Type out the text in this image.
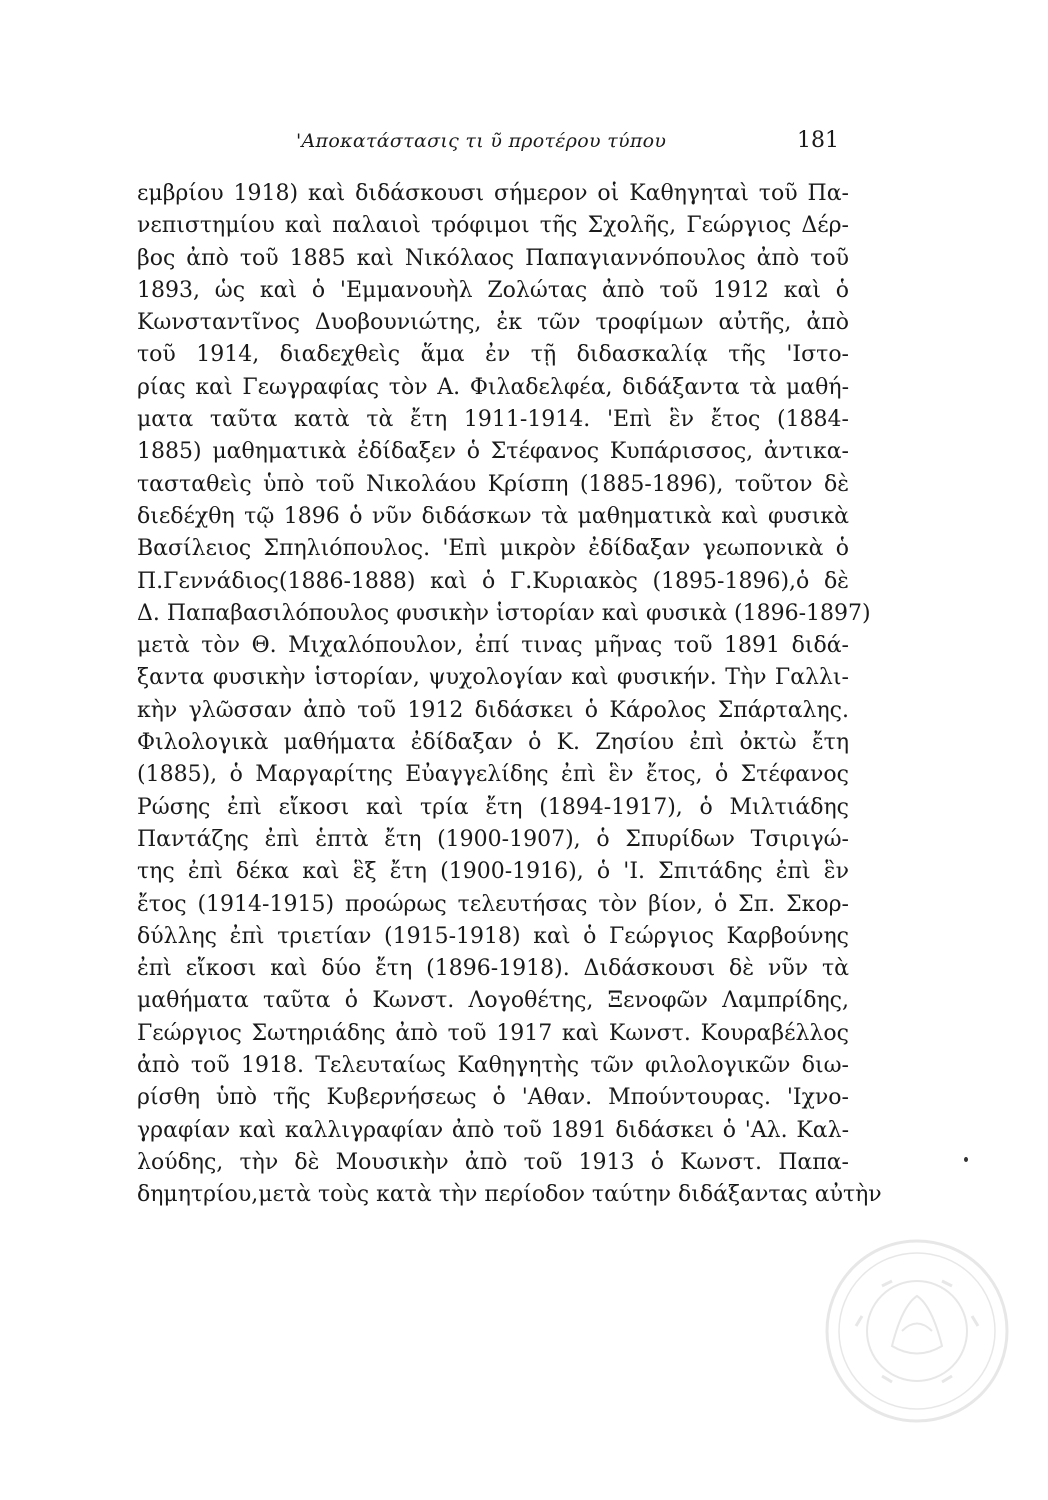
'Αποκατάστασις τι ῦ προτέρου τύπου	181
εμβρίου 1918) καὶ διδάσκουσι σήμερον οἱ Καθηγηταὶ τοῦ Πα-
νεπιστημίου καὶ παλαιοὶ τρόφιμοι τῆς Σχολῆς, Γεώργιος Δέρ-
βος ἀπὸ τοῦ 1885 καὶ Νικόλαος Παπαγιαννόπουλος ἀπὸ τοῦ
1893, ὡς καὶ ὁ 'Εμμανουὴλ Ζολώτας ἀπὸ τοῦ 1912 καὶ ὁ
Κωνσταντῖνος Δυοβουνιώτης, ἐκ τῶν τροφίμων αὐτῆς, ἀπὸ
τοῦ 1914, διαδεχθεὶς ἅμα ἐν τῇ διδασκαλίᾳ τῆς 'Ιστο-
ρίας καὶ Γεωγραφίας τὸν Α. Φιλαδελφέα, διδάξαντα τὰ μαθή-
ματα ταῦτα κατὰ τὰ ἔτη 1911-1914. 'Επὶ ἓν ἔτος (1884-
1885) μαθηματικὰ ἐδίδαξεν ὁ Στέφανος Κυπάρισσος, ἀντικα-
τασταθεὶς ὑπὸ τοῦ Νικολάου Κρίσπη (1885-1896), τοῦτον δὲ
διεδέχθη τῷ 1896 ὁ νῦν διδάσκων τὰ μαθηματικὰ καὶ φυσικὰ
Βασίλειος Σπηλιόπουλος. 'Επὶ μικρὸν ἐδίδαξαν γεωπονικὰ ὁ
Π.Γεννάδιος(1886-1888) καὶ ὁ Γ.Κυριακὸς (1895-1896),ὁ δὲ
Δ. Παπαβασιλόπουλος φυσικὴν ἱστορίαν καὶ φυσικὰ (1896-1897)
μετὰ τὸν Θ. Μιχαλόπουλον, ἐπί τινας μῆνας τοῦ 1891 διδά-
ξαντα φυσικὴν ἱστορίαν, ψυχολογίαν καὶ φυσικήν. Τὴν Γαλλι-
κὴν γλῶσσαν ἀπὸ τοῦ 1912 διδάσκει ὁ Κάρολος Σπάρταλης.
Φιλολογικὰ μαθήματα ἐδίδαξαν ὁ Κ. Ζησίου ἐπὶ ὀκτὼ ἔτη
(1885), ὁ Μαργαρίτης Εὐαγγελίδης ἐπὶ ἓν ἔτος, ὁ Στέφανος
Ρώσης ἐπὶ εἴκοσι καὶ τρία ἔτη (1894-1917), ὁ Μιλτιάδης
Παντάζης ἐπὶ ἑπτὰ ἔτη (1900-1907), ὁ Σπυρίδων Τσιριγώ-
της ἐπὶ δέκα καὶ ἓξ ἔτη (1900-1916), ὁ 'Ι. Σπιτάδης ἐπὶ ἓν
ἔτος (1914-1915) προώρως τελευτήσας τὸν βίον, ὁ Σπ. Σκορ-
δύλλης ἐπὶ τριετίαν (1915-1918) καὶ ὁ Γεώργιος Καρβούνης
ἐπὶ εἴκοσι καὶ δύο ἔτη (1896-1918). Διδάσκουσι δὲ νῦν τὰ
μαθήματα ταῦτα ὁ Κωνστ. Λογοθέτης, Ξενοφῶν Λαμπρίδης,
Γεώργιος Σωτηριάδης ἀπὸ τοῦ 1917 καὶ Κωνστ. Κουραβέλλος
ἀπὸ τοῦ 1918. Τελευταίως Καθηγητὴς τῶν φιλολογικῶν διω-
ρίσθη ὑπὸ τῆς Κυβερνήσεως ὁ 'Αθαν. Μπούντουρας. 'Ιχνο-
γραφίαν καὶ καλλιγραφίαν ἀπὸ τοῦ 1891 διδάσκει ὁ 'Αλ. Καλ-
λούδης, τὴν δὲ Μουσικὴν ἀπὸ τοῦ 1913 ὁ Κωνστ. Παπα-
δημητρίου,μετὰ τοὺς κατὰ τὴν περίοδον ταύτην διδάξαντας αὐτὴν
